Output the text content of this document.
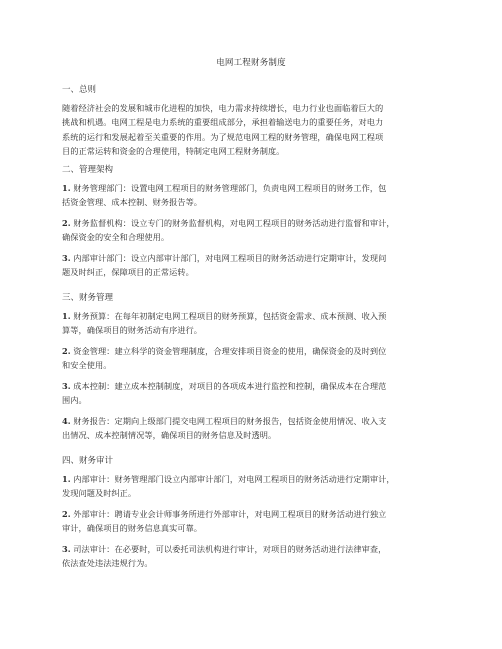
电网工程财务制度
一、总则
随着经济社会的发展和城市化进程的加快，电力需求持续增长，电力行业也面临着巨大的
挑战和机遇。电网工程是电力系统的重要组成部分，承担着输送电力的重要任务，对电力
系统的运行和发展起着至关重要的作用。为了规范电网工程的财务管理，确保电网工程项
目的正常运转和资金的合理使用，特制定电网工程财务制度。
二、管理架构
1. 财务管理部门：设置电网工程项目的财务管理部门，负责电网工程项目的财务工作，包
括资金管理、成本控制、财务报告等。
2. 财务监督机构：设立专门的财务监督机构，对电网工程项目的财务活动进行监督和审计，
确保资金的安全和合理使用。
3. 内部审计部门：设立内部审计部门，对电网工程项目的财务活动进行定期审计，发现问
题及时纠正，保障项目的正常运转。
三、财务管理
1. 财务预算：在每年初制定电网工程项目的财务预算，包括资金需求、成本预测、收入预
算等，确保项目的财务活动有序进行。
2. 资金管理：建立科学的资金管理制度，合理安排项目资金的使用，确保资金的及时到位
和安全使用。
3. 成本控制：建立成本控制制度，对项目的各项成本进行监控和控制，确保成本在合理范
围内。
4. 财务报告：定期向上级部门提交电网工程项目的财务报告，包括资金使用情况、收入支
出情况、成本控制情况等，确保项目的财务信息及时透明。
四、财务审计
1. 内部审计：财务管理部门设立内部审计部门，对电网工程项目的财务活动进行定期审计，
发现问题及时纠正。
2. 外部审计：聘请专业会计师事务所进行外部审计，对电网工程项目的财务活动进行独立
审计，确保项目的财务信息真实可靠。
3. 司法审计：在必要时，可以委托司法机构进行审计，对项目的财务活动进行法律审查，
依法查处违法违规行为。
